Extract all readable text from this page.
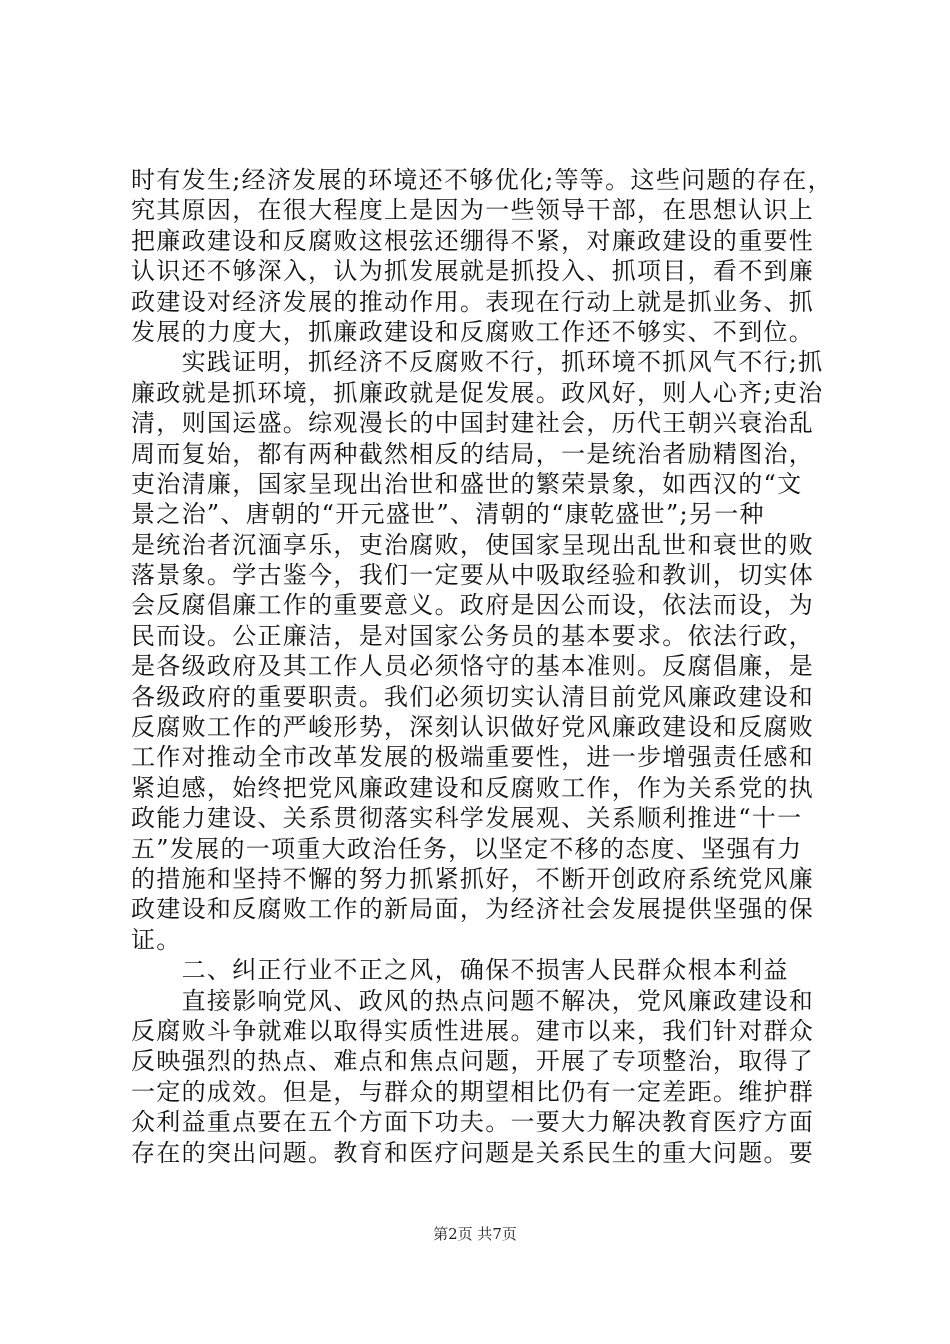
时有发生;经济发展的环境还不够优化;等等。这些问题的存在，
究其原因，在很大程度上是因为一些领导干部，在思想认识上
把廉政建设和反腐败这根弦还绷得不紧，对廉政建设的重要性
认识还不够深入，认为抓发展就是抓投入、抓项目，看不到廉
政建设对经济发展的推动作用。表现在行动上就是抓业务、抓
发展的力度大，抓廉政建设和反腐败工作还不够实、不到位。
　　实践证明，抓经济不反腐败不行，抓环境不抓风气不行;抓
廉政就是抓环境，抓廉政就是促发展。政风好，则人心齐;吏治
清，则国运盛。综观漫长的中国封建社会，历代王朝兴衰治乱
周而复始，都有两种截然相反的结局，一是统治者励精图治，
吏治清廉，国家呈现出治世和盛世的繁荣景象，如西汉的“文
景之治”、唐朝的“开元盛世”、清朝的“康乾盛世”;另一种
是统治者沉湎享乐，吏治腐败，使国家呈现出乱世和衰世的败
落景象。学古鉴今，我们一定要从中吸取经验和教训，切实体
会反腐倡廉工作的重要意义。政府是因公而设，依法而设，为
民而设。公正廉洁，是对国家公务员的基本要求。依法行政，
是各级政府及其工作人员必须恪守的基本准则。反腐倡廉，是
各级政府的重要职责。我们必须切实认清目前党风廉政建设和
反腐败工作的严峻形势，深刻认识做好党风廉政建设和反腐败
工作对推动全市改革发展的极端重要性，进一步增强责任感和
紧迫感，始终把党风廉政建设和反腐败工作，作为关系党的执
政能力建设、关系贯彻落实科学发展观、关系顺利推进“十一
五”发展的一项重大政治任务，以坚定不移的态度、坚强有力
的措施和坚持不懈的努力抓紧抓好，不断开创政府系统党风廉
政建设和反腐败工作的新局面，为经济社会发展提供坚强的保
证。
　　二、纠正行业不正之风，确保不损害人民群众根本利益
　　直接影响党风、政风的热点问题不解决，党风廉政建设和
反腐败斗争就难以取得实质性进展。建市以来，我们针对群众
反映强烈的热点、难点和焦点问题，开展了专项整治，取得了
一定的成效。但是，与群众的期望相比仍有一定差距。维护群
众利益重点要在五个方面下功夫。一要大力解决教育医疗方面
存在的突出问题。教育和医疗问题是关系民生的重大问题。要
第2页 共7页
